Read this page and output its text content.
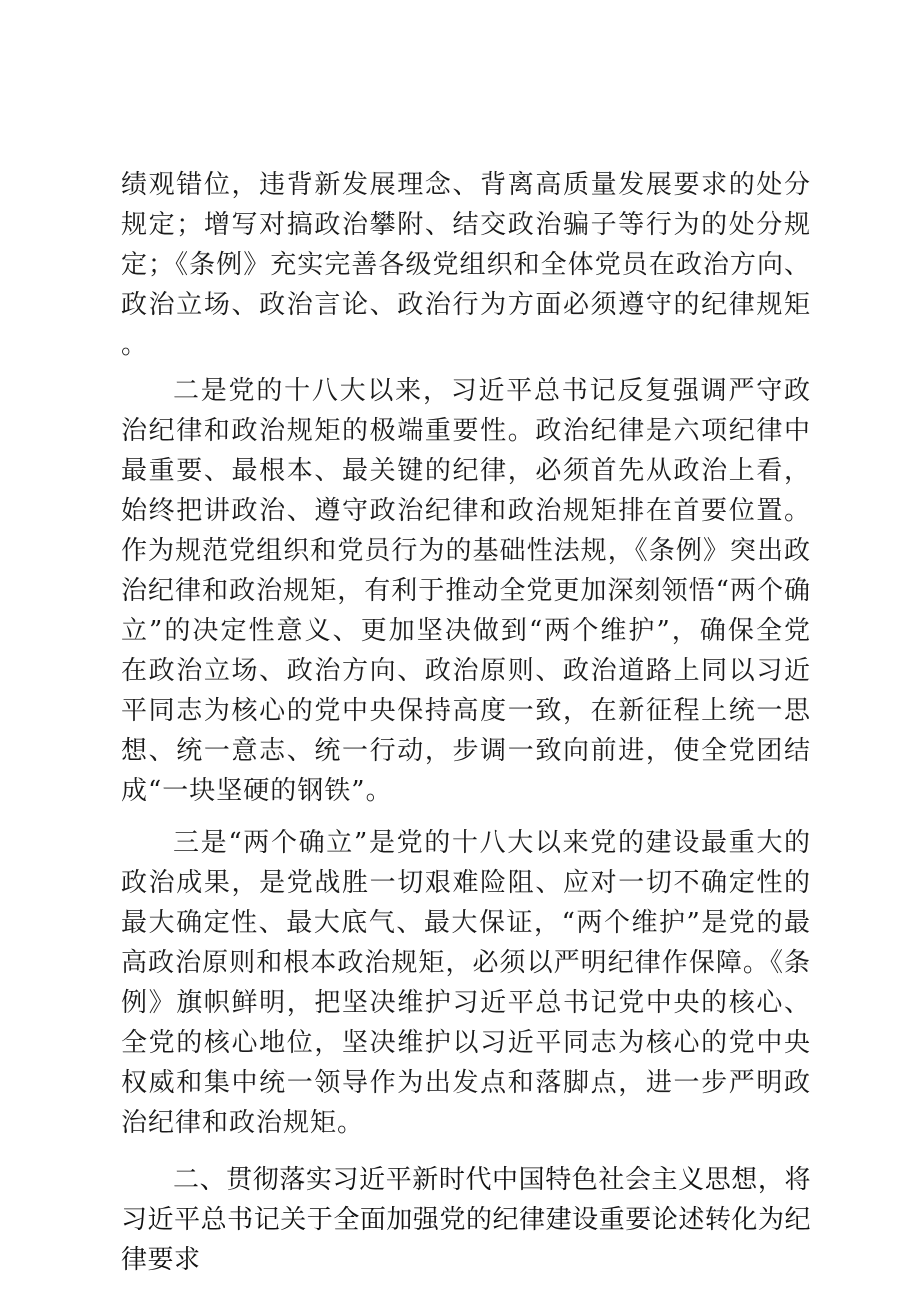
绩观错位，违背新发展理念、背离高质量发展要求的处分规定；增写对搞政治攀附、结交政治骗子等行为的处分规定；《条例》充实完善各级党组织和全体党员在政治方向、政治立场、政治言论、政治行为方面必须遵守的纪律规矩。

二是党的十八大以来，习近平总书记反复强调严守政治纪律和政治规矩的极端重要性。政治纪律是六项纪律中最重要、最根本、最关键的纪律，必须首先从政治上看，始终把讲政治、遵守政治纪律和政治规矩排在首要位置。作为规范党组织和党员行为的基础性法规，《条例》突出政治纪律和政治规矩，有利于推动全党更加深刻领悟“两个确立”的决定性意义、更加坚决做到“两个维护”，确保全党在政治立场、政治方向、政治原则、政治道路上同以习近平同志为核心的党中央保持高度一致，在新征程上统一思想、统一意志、统一行动，步调一致向前进，使全党团结成“一块坚硬的钢铁”。

三是“两个确立”是党的十八大以来党的建设最重大的政治成果，是党战胜一切艰难险阻、应对一切不确定性的最大确定性、最大底气、最大保证，“两个维护”是党的最高政治原则和根本政治规矩，必须以严明纪律作保障。《条例》旗帜鲜明，把坚决维护习近平总书记党中央的核心、全党的核心地位，坚决维护以习近平同志为核心的党中央权威和集中统一领导作为出发点和落脚点，进一步严明政治纪律和政治规矩。

二、贯彻落实习近平新时代中国特色社会主义思想，将习近平总书记关于全面加强党的纪律建设重要论述转化为纪律要求
